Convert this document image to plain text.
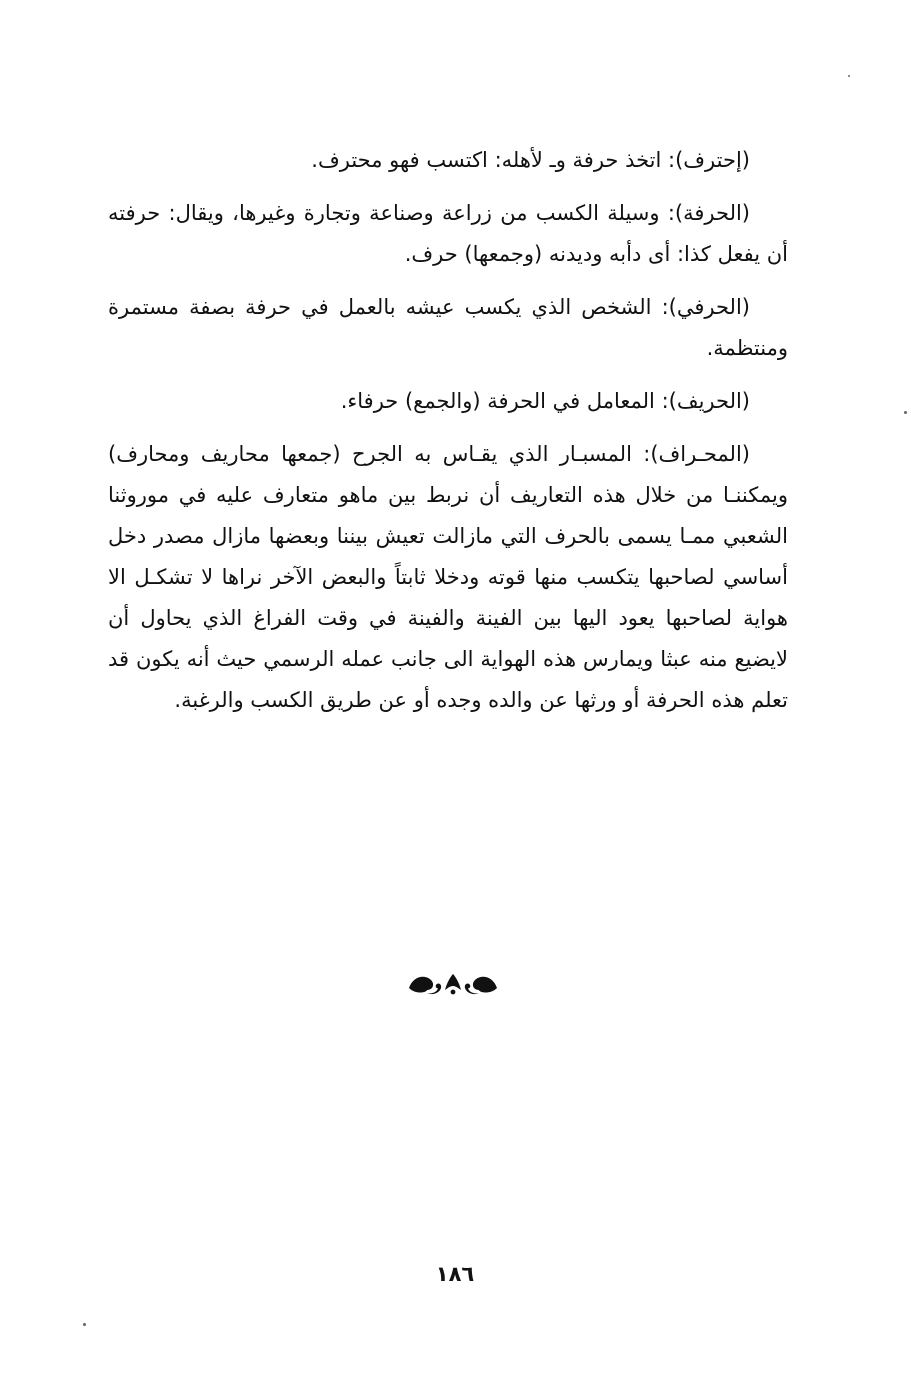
(إحترف): اتخذ حرفة وـ لأهله: اكتسب فهو محترف.

(الحرفة): وسيلة الكسب من زراعة وصناعة وتجارة وغيرها، ويقال: حرفته أن يفعل كذا: أى دأبه وديدنه (وجمعها) حرف.

(الحرفي): الشخص الذي يكسب عيشه بالعمل في حرفة بصفة مستمرة ومنتظمة.

(الحريف): المعامل في الحرفة (والجمع) حرفاء.

(المحـراف): المسبـار الذي يقـاس به الجرح (جمعها محاريف ومحارف) ويمكننـا من خلال هذه التعاريف أن نربط بين ماهو متعارف عليه في موروثنا الشعبي ممـا يسمى بالحرف التي مازالت تعيش بيننا وبعضها مازال مصدر دخل أساسي لصاحبها يتكسب منها قوته ودخلا ثابتاً والبعض الآخر نراها لا تشكـل الا هواية لصاحبها يعود اليها بين الفينة والفينة في وقت الفراغ الذي يحاول أن لايضيع منه عبثا ويمارس هذه الهواية الى جانب عمله الرسمي حيث أنه يكون قد تعلم هذه الحرفة أو ورثها عن والده وجده أو عن طريق الكسب والرغبة.

١٨٦
